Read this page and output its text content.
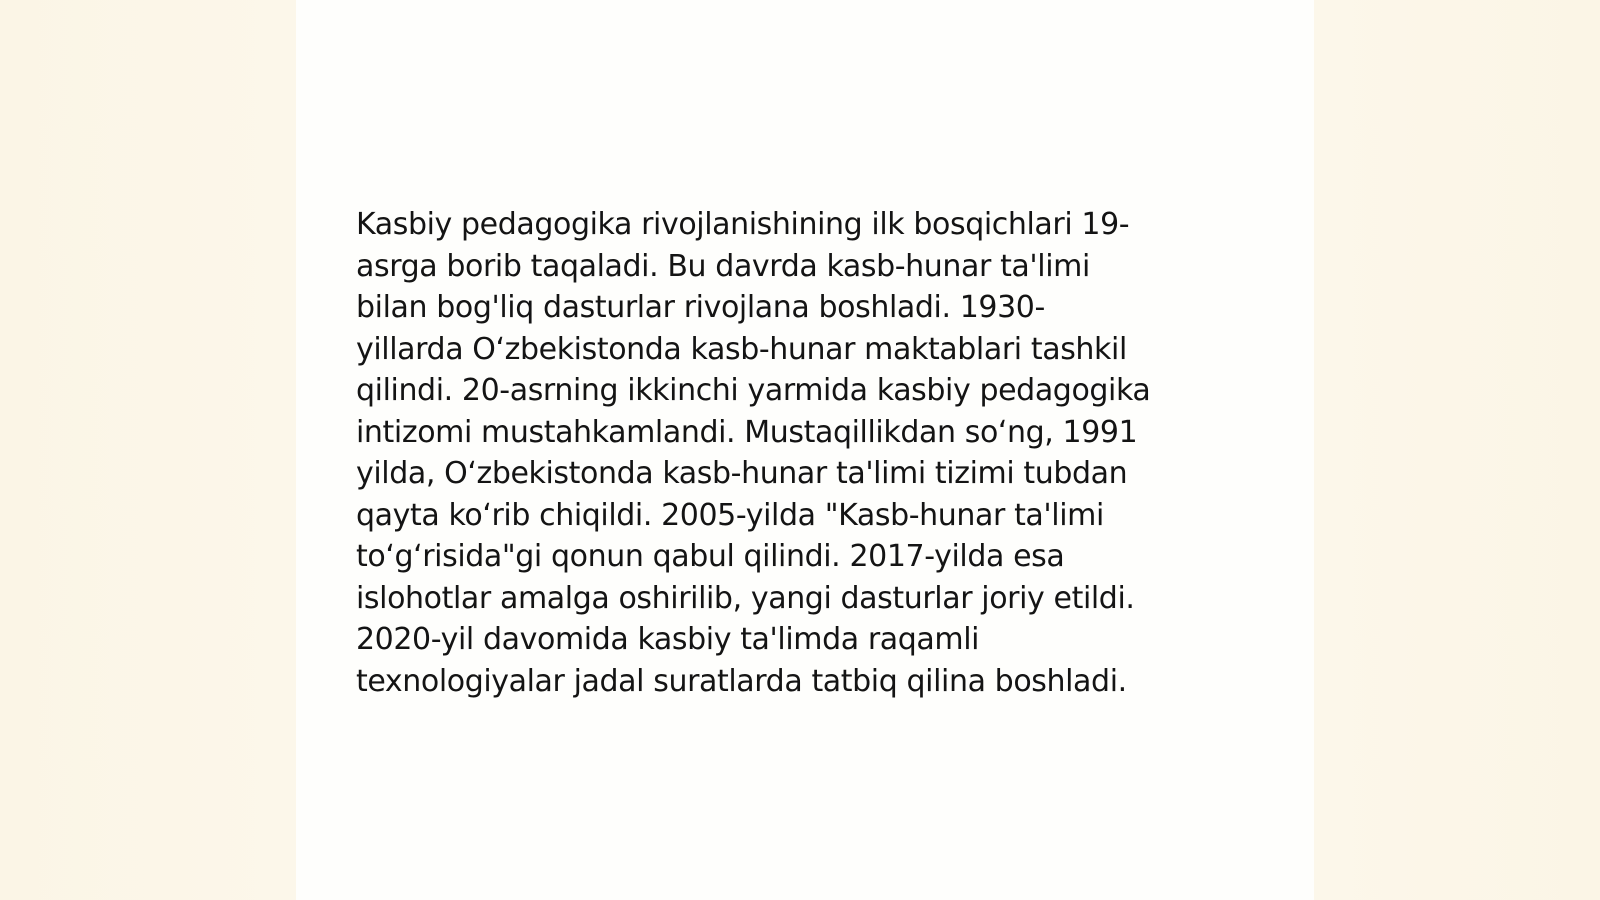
Kasbiy pedagogika rivojlanishining ilk bosqichlari 19-
asrga borib taqaladi. Bu davrda kasb-hunar ta'limi
bilan bog'liq dasturlar rivojlana boshladi. 1930-
yillarda O‘zbekistonda kasb-hunar maktablari tashkil
qilindi. 20-asrning ikkinchi yarmida kasbiy pedagogika
intizomi mustahkamlandi. Mustaqillikdan so‘ng, 1991
yilda, O‘zbekistonda kasb-hunar ta'limi tizimi tubdan
qayta ko‘rib chiqildi. 2005-yilda "Kasb-hunar ta'limi
to‘g‘risida"gi qonun qabul qilindi. 2017-yilda esa
islohotlar amalga oshirilib, yangi dasturlar joriy etildi.
2020-yil davomida kasbiy ta'limda raqamli
texnologiyalar jadal suratlarda tatbiq qilina boshladi.
